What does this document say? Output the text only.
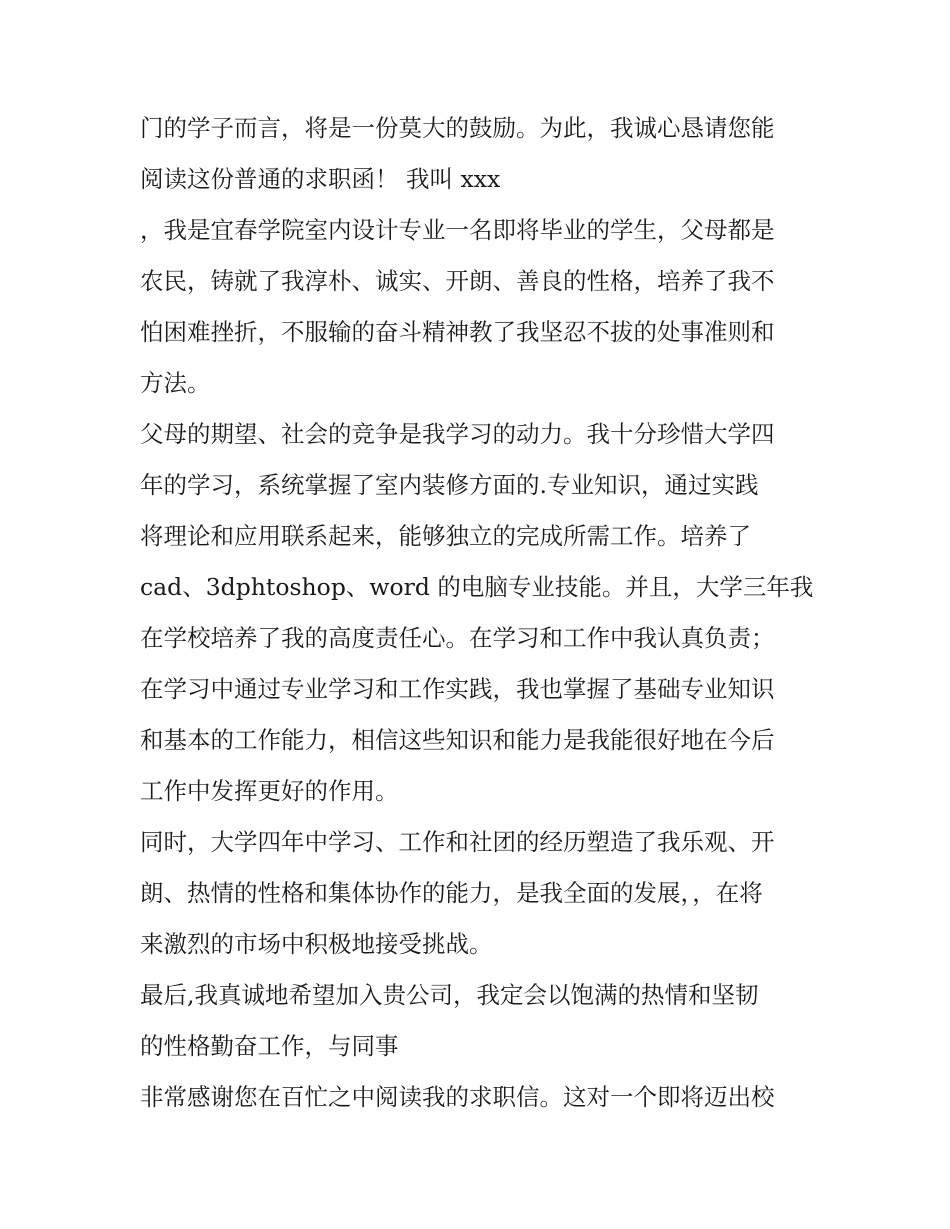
门的学子而言，将是一份莫大的鼓励。为此，我诚心恳请您能
阅读这份普通的求职函！ 我叫 xxx
，我是宜春学院室内设计专业一名即将毕业的学生，父母都是
农民，铸就了我淳朴、诚实、开朗、善良的性格，培养了我不
怕困难挫折，不服输的奋斗精神教了我坚忍不拔的处事准则和
方法。
父母的期望、社会的竞争是我学习的动力。我十分珍惜大学四
年的学习，系统掌握了室内装修方面的.专业知识，通过实践
将理论和应用联系起来，能够独立的完成所需工作。培养了
cad、3dphtoshop、word 的电脑专业技能。并且，大学三年我
在学校培养了我的高度责任心。在学习和工作中我认真负责；
在学习中通过专业学习和工作实践，我也掌握了基础专业知识
和基本的工作能力，相信这些知识和能力是我能很好地在今后
工作中发挥更好的作用。
同时，大学四年中学习、工作和社团的经历塑造了我乐观、开
朗、热情的性格和集体协作的能力，是我全面的发展，，在将
来激烈的市场中积极地接受挑战。
最后,我真诚地希望加入贵公司，我定会以饱满的热情和坚韧
的性格勤奋工作，与同事
非常感谢您在百忙之中阅读我的求职信。这对一个即将迈出校
